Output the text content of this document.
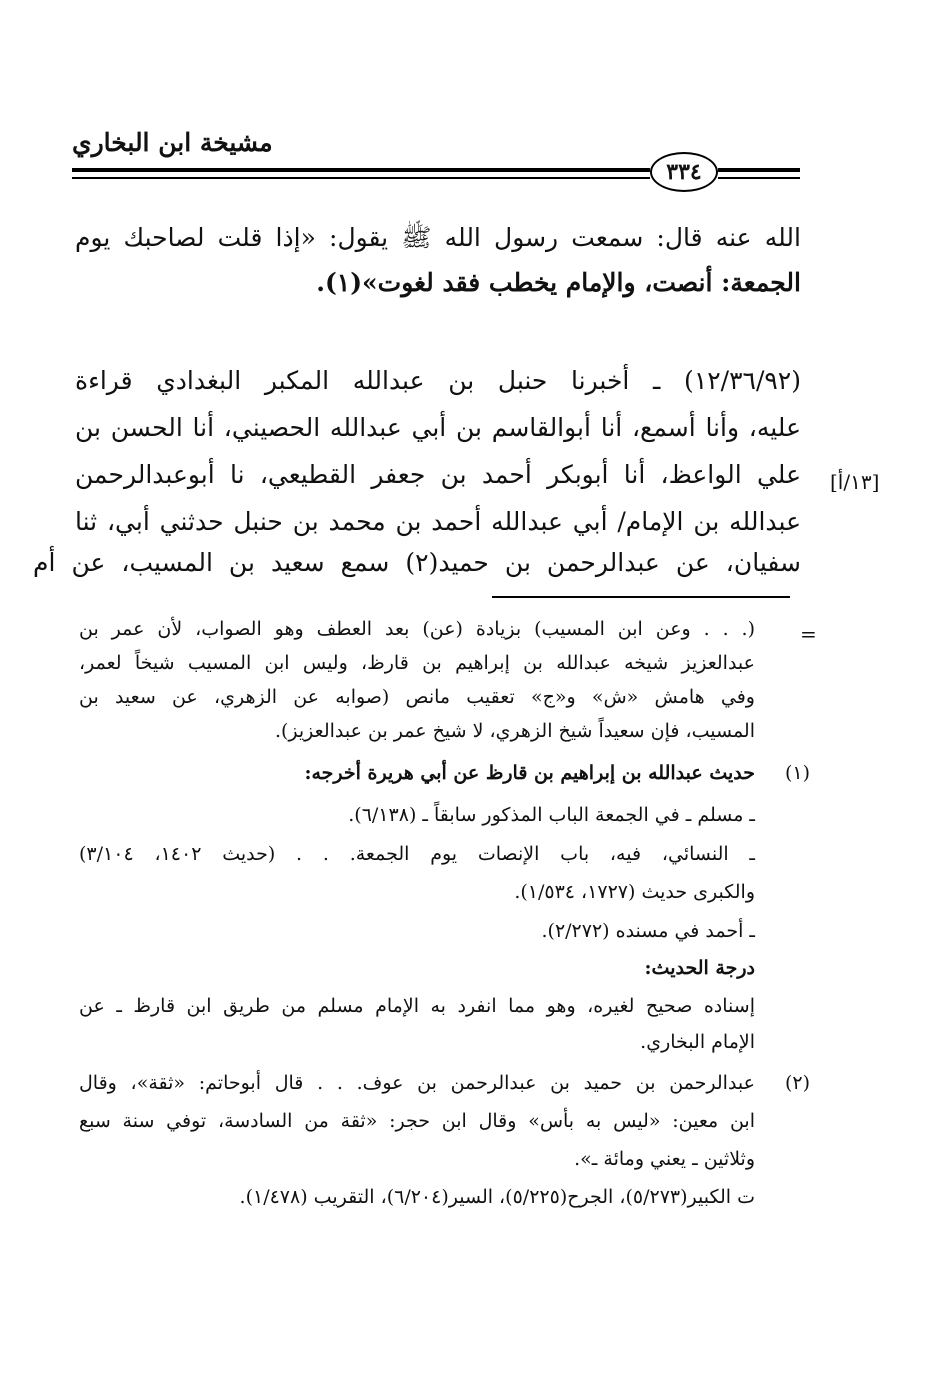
مشيخة ابن البخاري
٣٣٤
الله عنه قال: سمعت رسول الله ﷺ يقول: «إذا قلت لصاحبك يوم
الجمعة: أنصت، والإمام يخطب فقد لغوت»(١).
(١٢/٣٦/٩٢) ـ أخبرنا حنبل بن عبدالله المكبر البغدادي قراءة
عليه، وأنا أسمع، أنا أبوالقاسم بن أبي عبدالله الحصيني، أنا الحسن بن
علي الواعظ، أنا أبوبكر أحمد بن جعفر القطيعي، نا أبوعبدالرحمن
عبدالله بن الإمام/ أبي عبدالله أحمد بن محمد بن حنبل حدثني أبي، ثنا
سفيان، عن عبدالرحمن بن حميد(٢) سمع سعيد بن المسيب، عن أم
[١٣/أ]
=
(. . . وعن ابن المسيب) بزيادة (عن) بعد العطف وهو الصواب، لأن عمر بن
عبدالعزيز شيخه عبدالله بن إبراهيم بن قارظ، وليس ابن المسيب شيخاً لعمر،
وفي هامش «ش» و«ج» تعقيب مانص (صوابه عن الزهري، عن سعيد بن
المسيب، فإن سعيداً شيخ الزهري، لا شيخ عمر بن عبدالعزيز).
(١)
حديث عبدالله بن إبراهيم بن قارظ عن أبي هريرة أخرجه:
ـ مسلم ـ في الجمعة الباب المذكور سابقاً ـ (٦/١٣٨).
ـ النسائي، فيه، باب الإنصات يوم الجمعة. . . (حديث ١٤٠٢، ٣/١٠٤)
والكبرى حديث (١٧٢٧، ١/٥٣٤).
ـ أحمد في مسنده (٢/٢٧٢).
درجة الحديث:
إسناده صحيح لغيره، وهو مما انفرد به الإمام مسلم من طريق ابن قارظ ـ عن
الإمام البخاري.
(٢)
عبدالرحمن بن حميد بن عبدالرحمن بن عوف. . . قال أبوحاتم: «ثقة»، وقال
ابن معين: «ليس به بأس» وقال ابن حجر: «ثقة من السادسة، توفي سنة سبع
وثلاثين ـ يعني ومائة ـ».
ت الكبير(٥/٢٧٣)، الجرح(٥/٢٢٥)، السير(٦/٢٠٤)، التقريب (١/٤٧٨).
